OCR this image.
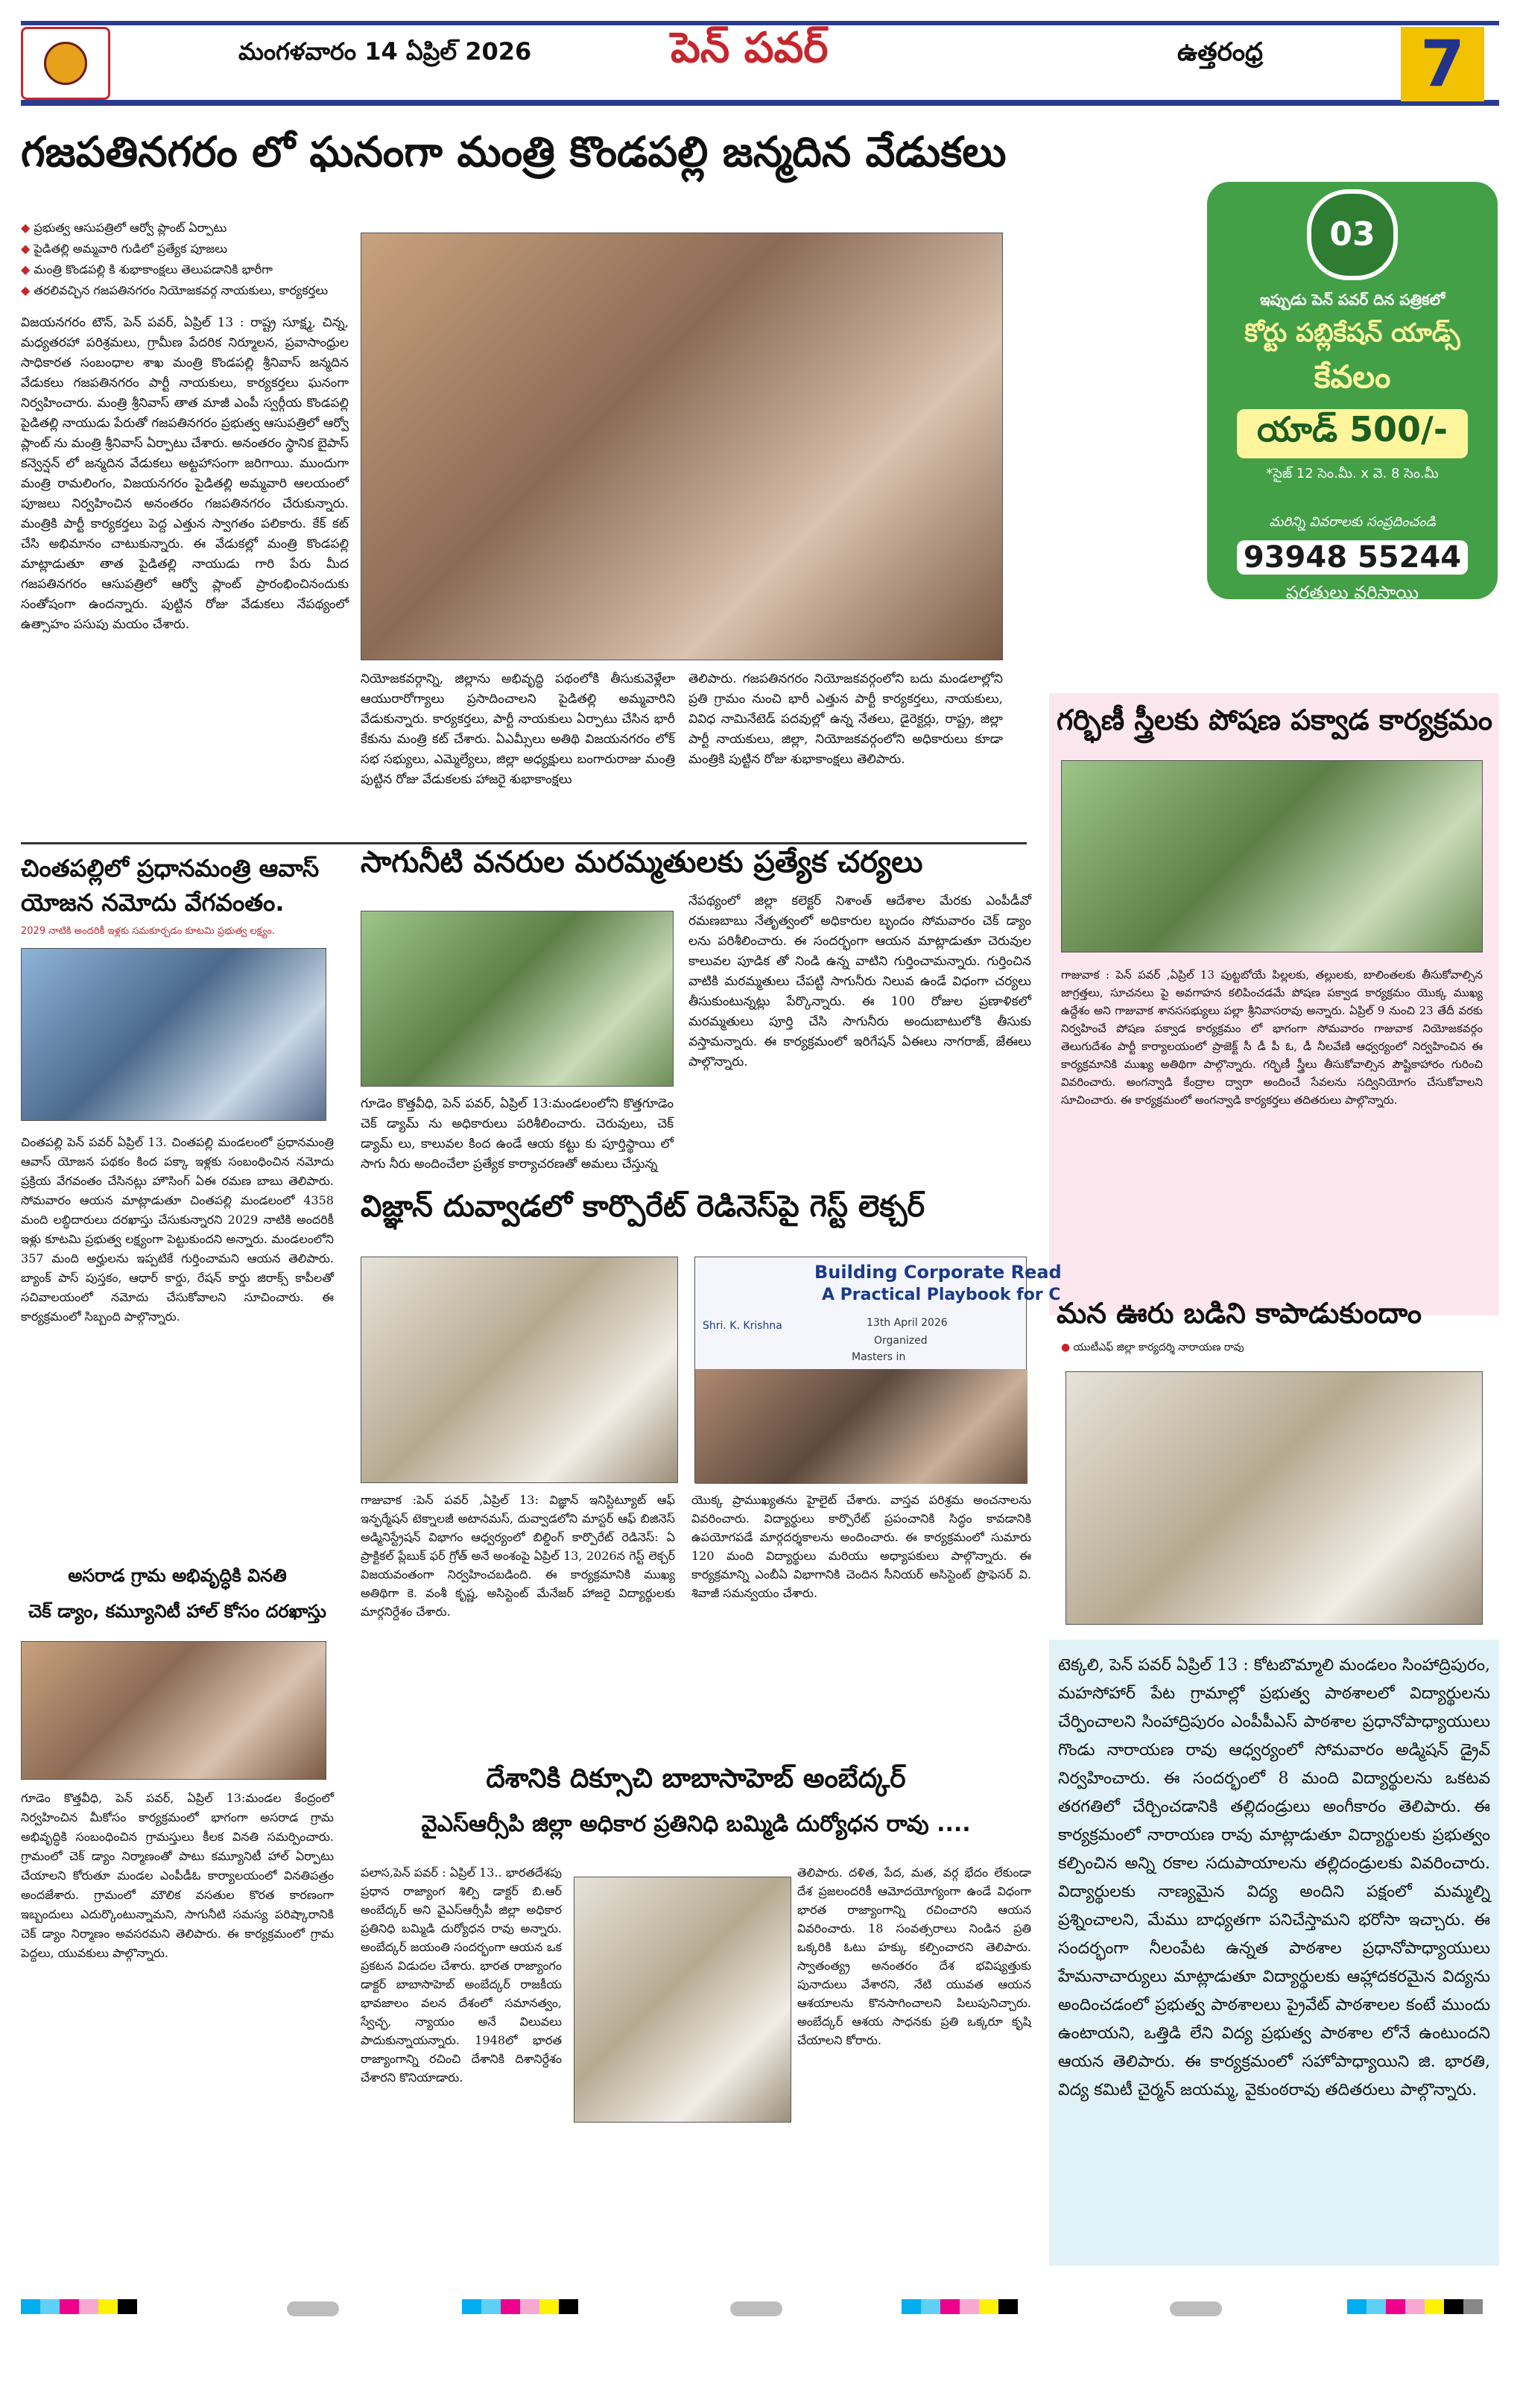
మంగళవారం 14 ఏప్రిల్ 2026	పెన్ పవర్	ఉత్తరంధ్ర	7
గజపతినగరం లో ఘనంగా మంత్రి కొండపల్లి జన్మదిన వేడుకలు
◆ ప్రభుత్వ ఆసుపత్రిలో ఆర్వో ప్లాంట్ ఏర్పాటు
◆ పైడితల్లి అమ్మవారి గుడిలో ప్రత్యేక పూజలు
◆ మంత్రి కొండపల్లి కి శుభాకాంక్షలు తెలుపడానికి భారీగా
◆ తరలివచ్చిన గజపతినగరం నియోజకవర్గ నాయకులు, కార్యకర్తలు
విజయనగరం టౌన్, పెన్ పవర్, ఏప్రిల్ 13 : రాష్ట్ర సూక్ష్మ, చిన్న, మధ్యతరహా పరిశ్రమలు, గ్రామీణ పేదరిక నిర్మూలన, ప్రవాసాంధ్రుల సాధికారత సంబంధాల శాఖ మంత్రి కొండపల్లి శ్రీనివాస్ జన్మదిన వేడుకలు గజపతినగరం పార్టీ నాయకులు, కార్యకర్తలు ఘనంగా నిర్వహించారు. మంత్రి శ్రీనివాస్ తాత మాజీ ఎంపీ స్వర్గీయ కొండపల్లి పైడితల్లి నాయుడు పేరుతో గజపతినగరం ప్రభుత్వ ఆసుపత్రిలో ఆర్వో ప్లాంట్ ను మంత్రి శ్రీనివాస్ ఏర్పాటు చేశారు. అనంతరం స్థానిక బైపాస్ కన్వెన్షన్ లో జన్మదిన వేడుకలు అట్టహాసంగా జరిగాయి. ముందుగా మంత్రి రామలింగం, విజయనగరం పైడితల్లి అమ్మవారి ఆలయంలో పూజలు నిర్వహించిన అనంతరం గజపతినగరం చేరుకున్నారు. మంత్రికి పార్టీ కార్యకర్తలు పెద్ద ఎత్తున స్వాగతం పలికారు. కేక్ కట్ చేసి అభిమానం చాటుకున్నారు. ఈ వేడుకల్లో మంత్రి కొండపల్లి మాట్లాడుతూ తాత పైడితల్లి నాయుడు గారి పేరు మీద గజపతినగరం ఆసుపత్రిలో ఆర్వో ప్లాంట్ ప్రారంభించినందుకు సంతోషంగా ఉందన్నారు. పుట్టిన రోజు వేడుకలు నేపథ్యంలో ఉత్సాహం పసుపు మయం చేశారు.
నియోజకవర్గాన్ని, జిల్లాను అభివృద్ధి పథంలోకి తీసుకువెళ్లేలా ఆయురారోగ్యాలు ప్రసాదించాలని పైడితల్లి అమ్మవారిని వేడుకున్నారు. కార్యకర్తలు, పార్టీ నాయకులు ఏర్పాటు చేసిన భారీ కేకును మంత్రి కట్ చేశారు. ఏఎమ్సీలు అతిథి విజయనగరం లోక్ సభ సభ్యులు, ఎమ్మెల్యేలు, జిల్లా అధ్యక్షులు బంగారురాజు మంత్రి పుట్టిన రోజు వేడుకలకు హాజరై శుభాకాంక్షలు
తెలిపారు. గజపతినగరం నియోజకవర్గంలోని బదు మండలాల్లోని ప్రతి గ్రామం నుంచి భారీ ఎత్తున పార్టీ కార్యకర్తలు, నాయకులు, వివిధ నామినేటెడ్ పదవుల్లో ఉన్న నేతలు, డైరెక్టర్లు, రాష్ట్ర, జిల్లా పార్టీ నాయకులు, జిల్లా, నియోజకవర్గంలోని అధికారులు కూడా మంత్రికి పుట్టిన రోజు శుభాకాంక్షలు తెలిపారు.
03
ఇప్పుడు పెన్ పవర్ దిన పత్రికలో
కోర్టు పబ్లికేషన్ యాడ్స్
కేవలం
యాడ్ 500/-
*సైజ్ 12 సెం.మీ. x వె. 8 సెం.మీ
మరిన్ని వివరాలకు సంప్రదించండి
93948 55244
షరతులు వర్తిస్తాయి
గర్భిణీ స్త్రీలకు పోషణ పక్వాడ కార్యక్రమం
గాజువాక : పెన్ పవర్ ,ఏప్రిల్ 13 పుట్టబోయే పిల్లలకు, తల్లులకు, బాలింతలకు తీసుకోవాల్సిన జాగ్రత్తలు, సూచనలు పై అవగాహన కలిపించడమే పోషణ పక్వాడ కార్యక్రమం యొక్క ముఖ్య ఉద్దేశం అని గాజువాక శానససభ్యులు పల్లా శ్రీనివాసరావు అన్నారు. ఏప్రిల్ 9 నుంచి 23 తేదీ వరకు నిర్వహించే పోషణ పక్వాడ కార్యక్రమం లో భాగంగా సోమవారం గాజువాక నియోజకవర్గం తెలుగుదేశం పార్టీ కార్యాలయంలో ప్రాజెక్ట్ సీ డీ పీ ఓ, డీ నీలవేణి ఆధ్వర్యంలో నిర్వహించిన ఈ కార్యక్రమానికి ముఖ్య అతిథిగా పాల్గొన్నారు. గర్భిణీ స్త్రీలు తీసుకోవాల్సిన పౌష్టికాహారం గురించి వివరించారు. అంగన్వాడి కేంద్రాల ద్వారా అందించే సేవలను సద్వినియోగం చేసుకోవాలని సూచించారు. ఈ కార్యక్రమంలో అంగన్వాడి కార్యకర్తలు తదితరులు పాల్గొన్నారు.
మన ఊరు బడిని కాపాడుకుందాం
● యుటీఎఫ్ జిల్లా కార్యదర్శి నారాయణ రావు
టెక్కలి, పెన్ పవర్ ఏప్రిల్ 13 : కోటబొమ్మాలి మండలం సింహాద్రిపురం, మహసోహార్ పేట గ్రామాల్లో ప్రభుత్వ పాఠశాలలో విద్యార్థులను చేర్పించాలని సింహాద్రిపురం ఎంపీపీఎస్ పాఠశాల ప్రధానోపాధ్యాయులు గొండు నారాయణ రావు ఆధ్వర్యంలో సోమవారం అడ్మిషన్ డ్రైవ్ నిర్వహించారు. ఈ సందర్భంలో 8 మంది విద్యార్థులను ఒకటవ తరగతిలో చేర్చించడానికి తల్లిదండ్రులు అంగీకారం తెలిపారు. ఈ కార్యక్రమంలో నారాయణ రావు మాట్లాడుతూ విద్యార్థులకు ప్రభుత్వం కల్పించిన అన్ని రకాల సదుపాయాలను తల్లిదండ్రులకు వివరించారు. విద్యార్థులకు నాణ్యమైన విద్య అందిని పక్షంలో మమ్మల్ని ప్రశ్నించాలని, మేము బాధ్యతగా పనిచేస్తామని భరోసా ఇచ్చారు. ఈ సందర్భంగా నీలంపేట ఉన్నత పాఠశాల ప్రధానోపాధ్యాయులు హేమనాచార్యులు మాట్లాడుతూ విద్యార్థులకు ఆహ్లాదకరమైన విద్యను అందించడంలో ప్రభుత్వ పాఠశాలలు ప్రైవేట్ పాఠశాలల కంటే ముందు ఉంటాయని, ఒత్తిడి లేని విద్య ప్రభుత్వ పాఠశాల లోనే ఉంటుందని ఆయన తెలిపారు. ఈ కార్యక్రమంలో సహోపాధ్యాయిని జి. భారతి, విద్య కమిటీ చైర్మన్ జయమ్మ, వైకుంఠరావు తదితరులు పాల్గొన్నారు.
చింతపల్లిలో ప్రధానమంత్రి ఆవాస్ యోజన నమోదు వేగవంతం.
2029 నాటికి అందరికీ ఇళ్లకు సమకూర్చడం కూటమి ప్రభుత్వ లక్ష్యం.
చింతపల్లి పెన్ పవర్ ఏప్రిల్ 13. చింతపల్లి మండలంలో ప్రధానమంత్రి ఆవాస్ యోజన పథకం కింద పక్కా ఇళ్లకు సంబంధించిన నమోదు ప్రక్రియ వేగవంతం చేసినట్లు హౌసింగ్ ఏఈ రమణ బాబు తెలిపారు. సోమవారం ఆయన మాట్లాడుతూ చింతపల్లి మండలంలో 4358 మంది లబ్ధిదారులు దరఖాస్తు చేసుకున్నారని 2029 నాటికి అందరికీ ఇళ్లు కూటమి ప్రభుత్వ లక్ష్యంగా పెట్టుకుందని అన్నారు. మండలంలోని 357 మంది అర్హులను ఇప్పటికే గుర్తించామని ఆయన తెలిపారు. బ్యాంక్ పాస్ పుస్తకం, ఆధార్ కార్డు, రేషన్ కార్డు జిరాక్స్ కాపీలతో సచివాలయంలో నమోదు చేసుకోవాలని సూచించారు. ఈ కార్యక్రమంలో సిబ్బంది పాల్గొన్నారు.
అసరాడ గ్రామ అభివృద్ధికి వినతి
చెక్ డ్యాం, కమ్యూనిటీ హాల్ కోసం దరఖాస్తు
గూడెం కొత్తవీధి, పెన్ పవర్, ఏప్రిల్ 13:మండల కేంద్రంలో నిర్వహించిన మీకోసం కార్యక్రమంలో భాగంగా అసరాడ గ్రామ అభివృద్ధికి సంబంధించిన గ్రామస్తులు కీలక వినతి సమర్పించారు. గ్రామంలో చెక్ డ్యాం నిర్మాణంతో పాటు కమ్యూనిటీ హాల్ ఏర్పాటు చేయాలని కోరుతూ మండల ఎంపీడీఓ కార్యాలయంలో వినతిపత్రం అందజేశారు. గ్రామంలో మౌలిక వసతుల కొరత కారణంగా ఇబ్బందులు ఎదుర్కొంటున్నామని, సాగునీటి సమస్య పరిష్కారానికి చెక్ డ్యాం నిర్మాణం అవసరమని తెలిపారు. ఈ కార్యక్రమంలో గ్రామ పెద్దలు, యువకులు పాల్గొన్నారు.
సాగునీటి వనరుల మరమ్మతులకు ప్రత్యేక చర్యలు
గూడెం కొత్తవీధి, పెన్ పవర్, ఏప్రిల్ 13:మండలంలోని కొత్తగూడెం చెక్ డ్యామ్ ను అధికారులు పరిశీలించారు. చెరువులు, చెక్ డ్యామ్ లు, కాలువల కింద ఉండే ఆయ కట్టు కు పూర్తిస్థాయి లో సాగు నీరు అందించేలా ప్రత్యేక కార్యాచరణతో అమలు చేస్తున్న
నేపథ్యంలో జిల్లా కలెక్టర్ నిశాంత్ ఆదేశాల మేరకు ఎంపీడీవో రమణబాబు నేతృత్వంలో అధికారుల బృందం సోమవారం చెక్ డ్యాం లను పరిశీలించారు. ఈ సందర్భంగా ఆయన మాట్లాడుతూ చెరువుల కాలువల పూడిక తో నిండి ఉన్న వాటిని గుర్తించామన్నారు. గుర్తించిన వాటికి మరమ్మతులు చేపట్టి సాగునీరు నిలువ ఉండే విధంగా చర్యలు తీసుకుంటున్నట్లు పేర్కొన్నారు. ఈ 100 రోజుల ప్రణాళికలో మరమ్మతులు పూర్తి చేసి సాగునీరు అందుబాటులోకి తీసుకు వస్తామన్నారు. ఈ కార్యక్రమంలో ఇరిగేషన్ ఏఈలు నాగరాజ్, జేఈలు పాల్గొన్నారు.
విజ్ఞాన్ దువ్వాడలో కార్పొరేట్ రెడినెస్‌పై గెస్ట్ లెక్చర్
Building Corporate Read
A Practical Playbook for C
Shri. K. Krishna	13th April 2026
Organized
Masters in
గాజువాక :పెన్ పవర్ ,ఏప్రిల్ 13: విజ్ఞాన్ ఇనిస్టిట్యూట్ ఆఫ్ ఇన్ఫర్మేషన్ టెక్నాలజీ అటానమస్, దువ్వాడలోని మాస్టర్ ఆఫ్ బిజినెస్ అడ్మినిస్ట్రేషన్ విభాగం ఆధ్వర్యంలో బిల్డింగ్ కార్పొరేట్ రెడినెస్: ఏ ప్రాక్టికల్ ప్లేబుక్ ఫర్ గ్రోత్ అనే అంశంపై ఏప్రిల్ 13, 2026న గెస్ట్ లెక్చర్ విజయవంతంగా నిర్వహించబడింది. ఈ కార్యక్రమానికి ముఖ్య అతిథిగా కె. వంశీ కృష్ణ, అసిస్టెంట్ మేనేజర్ హాజరై విద్యార్థులకు మార్గనిర్దేశం చేశారు.
యొక్క ప్రాముఖ్యతను హైలైట్ చేశారు. వాస్తవ పరిశ్రమ అంచనాలను వివరించారు. విద్యార్థులు కార్పొరేట్ ప్రపంచానికి సిద్ధం కావడానికి ఉపయోగపడే మార్గదర్శకాలను అందించారు. ఈ కార్యక్రమంలో సుమారు 120 మంది విద్యార్థులు మరియు అధ్యాపకులు పాల్గొన్నారు. ఈ కార్యక్రమాన్ని ఎంబీఏ విభాగానికి చెందిన సీనియర్ అసిస్టెంట్ ప్రొఫెసర్ వి. శివాజీ సమన్వయం చేశారు.
దేశానికి దిక్సూచి బాబాసాహెబ్ అంబేద్కర్
వైఎస్ఆర్సీపి జిల్లా అధికార ప్రతినిధి బమ్మిడి దుర్యోధన రావు ....
పలాస,పెన్ పవర్ : ఏప్రిల్ 13.. భారతదేశపు ప్రధాన రాజ్యాంగ శిల్పి డాక్టర్ బి.ఆర్ అంబేద్కర్ అని వైఎస్ఆర్సీపీ జిల్లా అధికార ప్రతినిధి బమ్మిడి దుర్యోధన రావు అన్నారు. అంబేద్కర్ జయంతి సందర్భంగా ఆయన ఒక ప్రకటన విడుదల చేశారు. భారత రాజ్యాంగం డాక్టర్ బాబాసాహెబ్ అంబేద్కర్ రాజకీయ భావజాలం వలన దేశంలో సమానత్వం, స్వేచ్ఛ, న్యాయం అనే విలువలు పాదుకున్నాయన్నారు. 1948లో భారత రాజ్యాంగాన్ని రచించి దేశానికి దిశానిర్దేశం చేశారని కొనియాడారు.
తెలిపారు. దళిత, పేద, మత, వర్గ భేదం లేకుండా దేశ ప్రజలందరికీ ఆమోదయోగ్యంగా ఉండే విధంగా భారత రాజ్యాంగాన్ని రచించారని ఆయన వివరించారు. 18 సంవత్సరాలు నిండిన ప్రతి ఒక్కరికి ఓటు హక్కు కల్పించారని తెలిపారు. స్వాతంత్య్ర అనంతరం దేశ భవిష్యత్తుకు పునాదులు వేశారని, నేటి యువత ఆయన ఆశయాలను కొనసాగించాలని పిలుపునిచ్చారు. అంబేద్కర్ ఆశయ సాధనకు ప్రతి ఒక్కరూ కృషి చేయాలని కోరారు.
